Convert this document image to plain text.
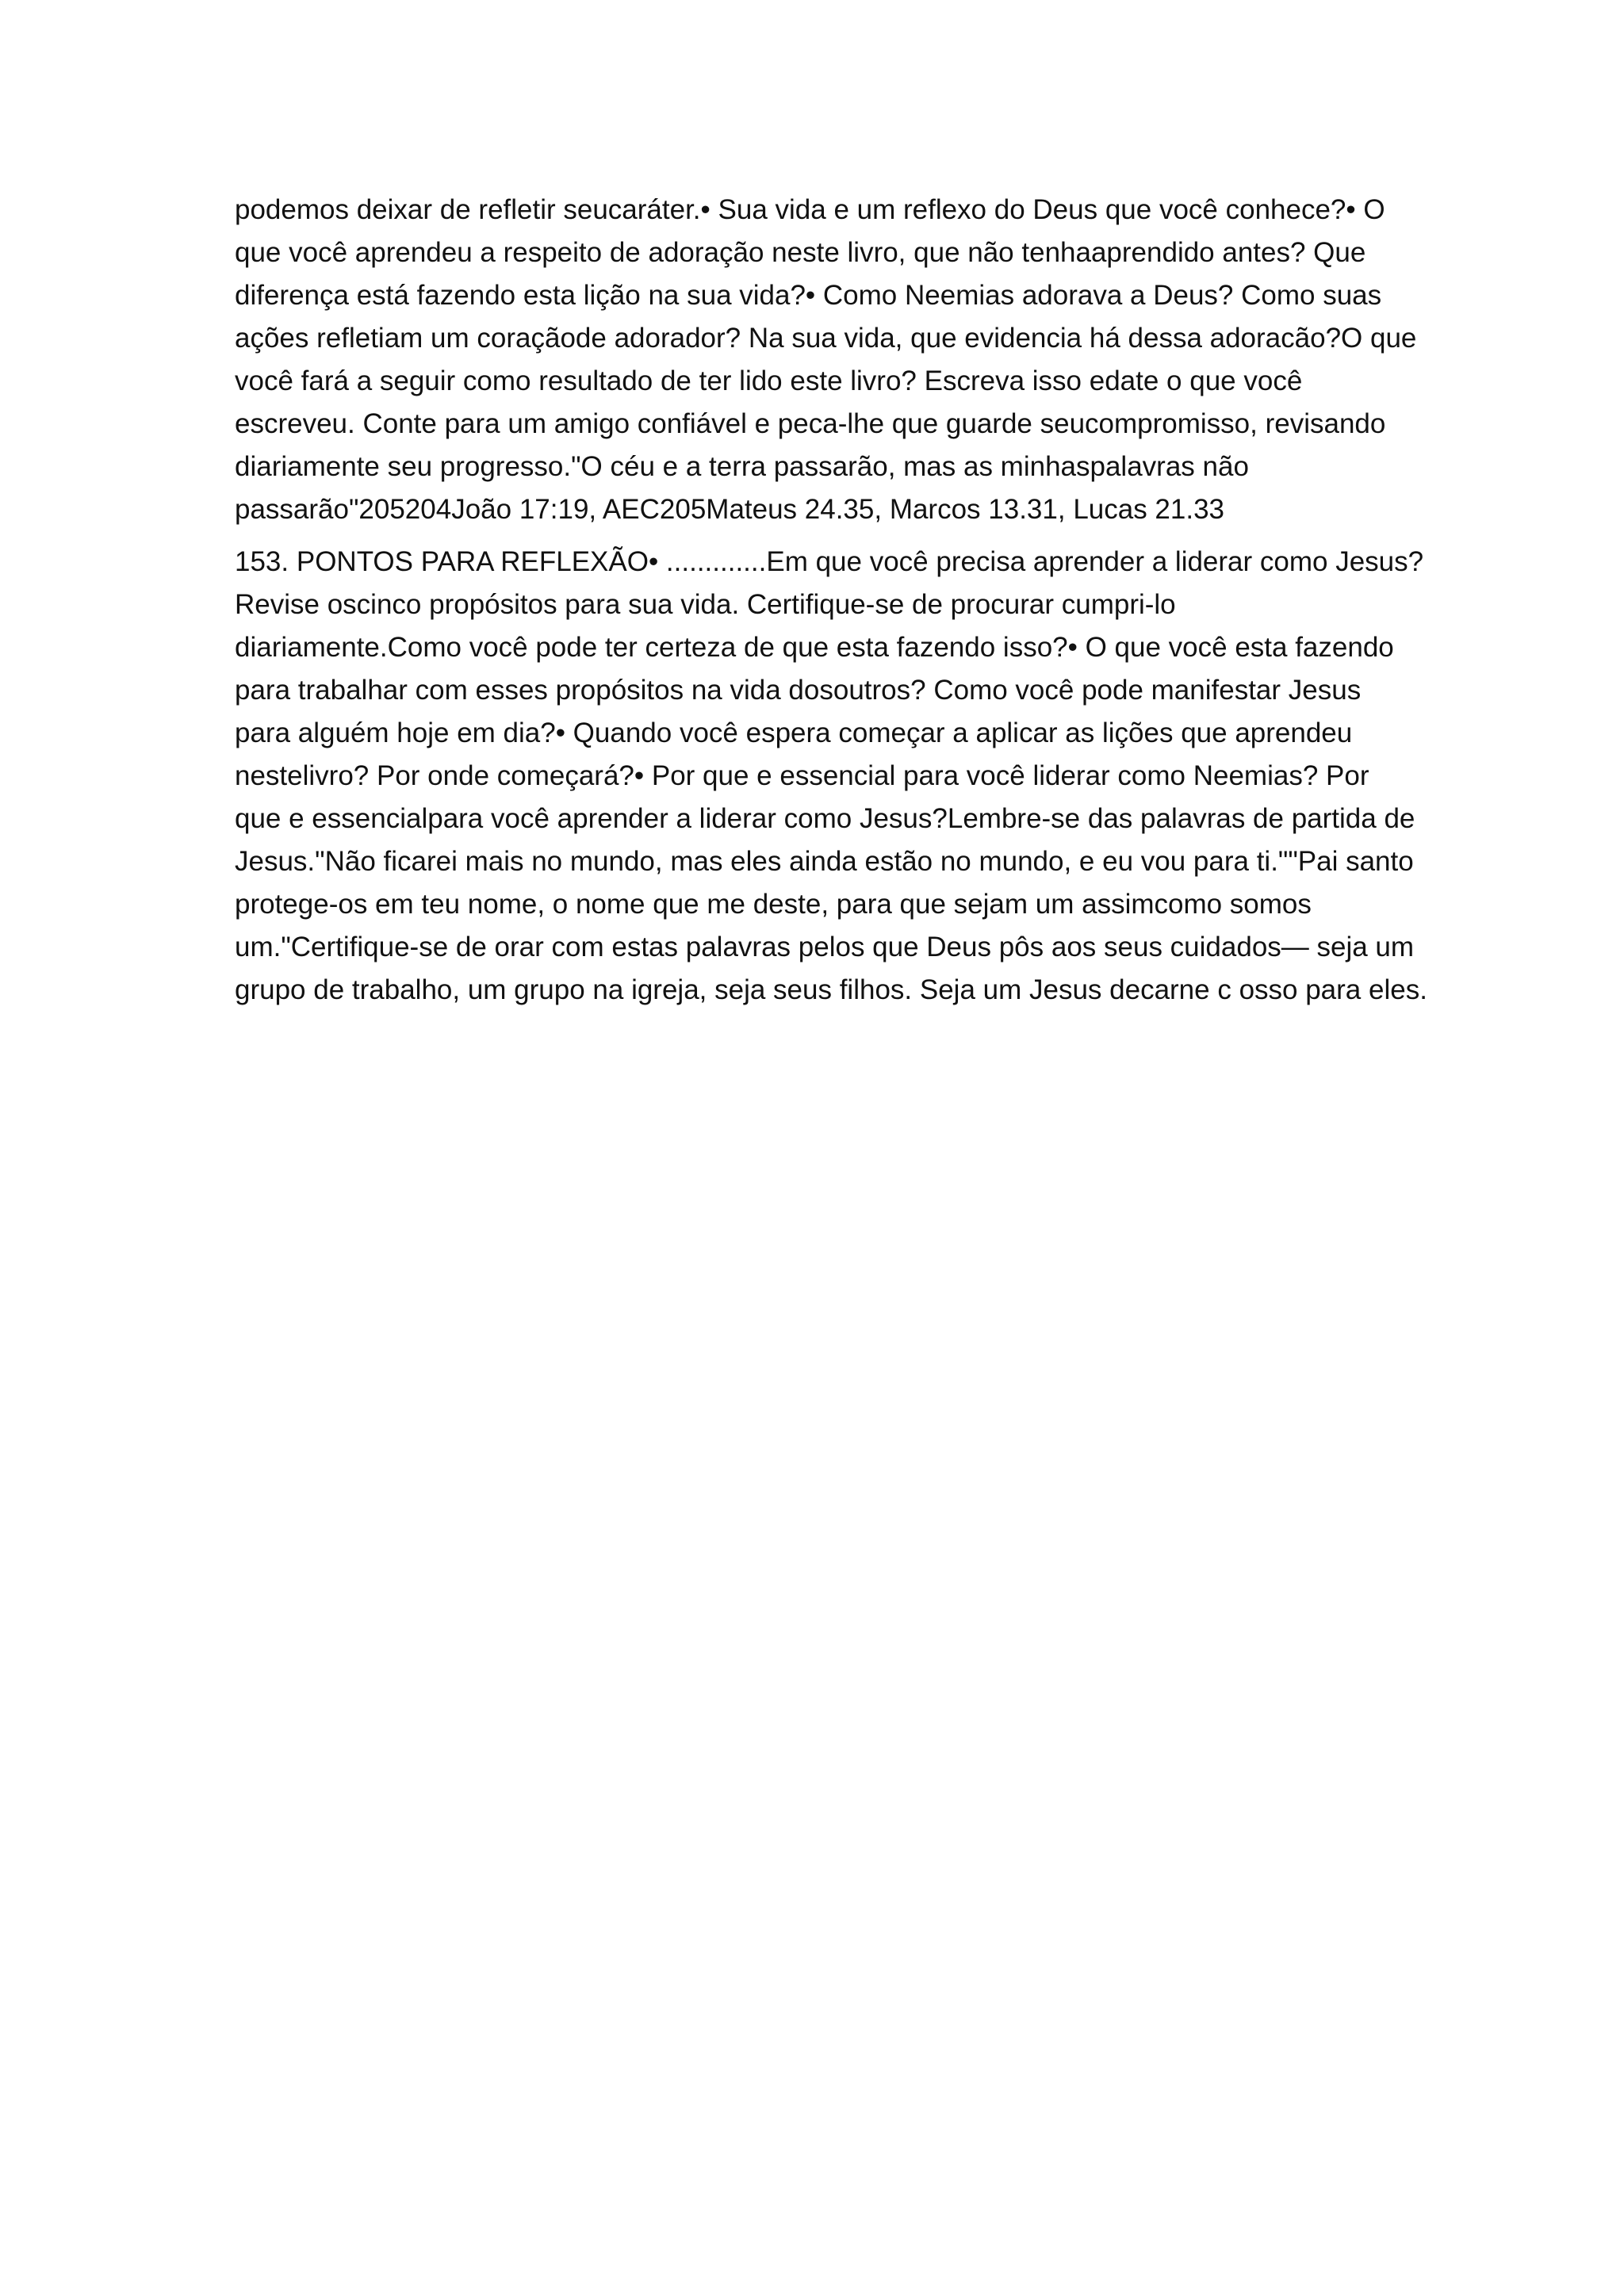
podemos deixar de refletir seucaráter.• Sua vida e um reflexo do Deus que você conhece?• O
que você aprendeu a respeito de adoração neste livro, que não tenhaaprendido antes? Que
diferença está fazendo esta lição na sua vida?• Como Neemias adorava a Deus? Como suas
ações refletiam um coraçãode adorador? Na sua vida, que evidencia há dessa adoracão?O que
você fará a seguir como resultado de ter lido este livro? Escreva isso edate o que você
escreveu. Conte para um amigo confiável e peca-lhe que guarde seucompromisso, revisando
diariamente seu progresso."O céu e a terra passarão, mas as minhaspalavras não
passarão"205204João 17:19, AEC205Mateus 24.35, Marcos 13.31, Lucas 21.33

153. PONTOS PARA REFLEXÃO• .............Em que você precisa aprender a liderar como Jesus?
Revise oscinco propósitos para sua vida. Certifique-se de procurar cumpri-lo
diariamente.Como você pode ter certeza de que esta fazendo isso?• O que você esta fazendo
para trabalhar com esses propósitos na vida dosoutros? Como você pode manifestar Jesus
para alguém hoje em dia?• Quando você espera começar a aplicar as lições que aprendeu
nestelivro? Por onde começará?• Por que e essencial para você liderar como Neemias? Por
que e essencialpara você aprender a liderar como Jesus?Lembre-se das palavras de partida de
Jesus."Não ficarei mais no mundo, mas eles ainda estão no mundo, e eu vou para ti.""Pai santo
protege-os em teu nome, o nome que me deste, para que sejam um assimcomo somos
um."Certifique-se de orar com estas palavras pelos que Deus pôs aos seus cuidados— seja um
grupo de trabalho, um grupo na igreja, seja seus filhos. Seja um Jesus decarne c osso para eles.
